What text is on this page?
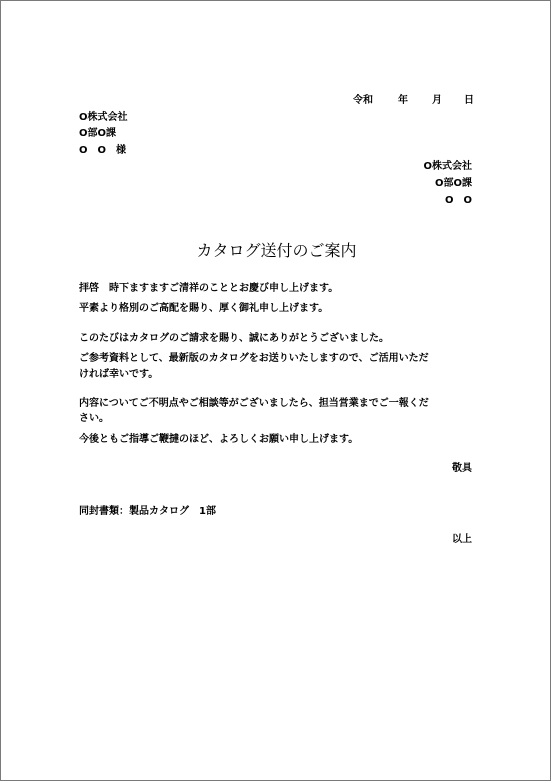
令和	年 月 日
O株式会社
O部O課
O　O　様
O株式会社
O部O課
O　O
カタログ送付のご案内
拝啓　時下ますますご清祥のこととお慶び申し上げます。
平素より格別のご高配を賜り、厚く御礼申し上げます。
このたびはカタログのご請求を賜り、誠にありがとうございました。
ご参考資料として、最新版のカタログをお送りいたしますので、ご活用いただ
ければ幸いです。
内容についてご不明点やご相談等がございましたら、担当営業までご一報くだ
さい。
今後ともご指導ご鞭撻のほど、よろしくお願い申し上げます。
敬具
同封書類：製品カタログ　1部
以上
